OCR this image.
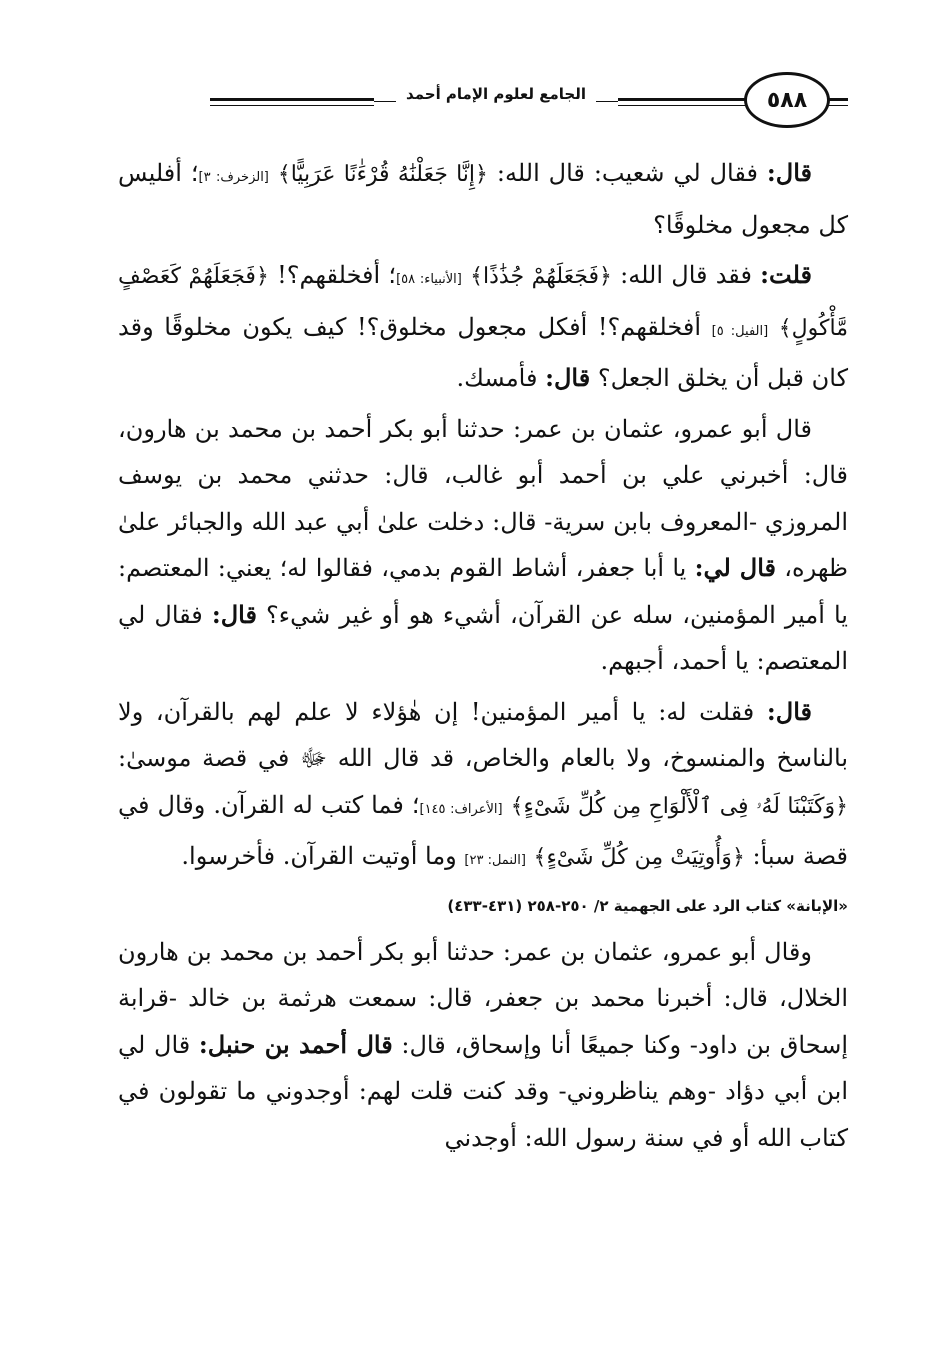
الجامع لعلوم الإمام أحمد	٥٨٨

قال: فقال لي شعيب: قال الله: ﴿إِنَّا جَعَلْنَٰهُ قُرْءَٰنًا عَرَبِيًّا﴾ [الزخرف: ٣]؛ أفليس كل مجعول مخلوقًا؟

قلت: فقد قال الله: ﴿فَجَعَلَهُمْ جُذَٰذًا﴾ [الأنبياء: ٥٨]؛ أفخلقهم؟! ﴿فَجَعَلَهُمْ كَعَصْفٍ مَّأْكُولٍ﴾ [الفيل: ٥] أفخلقهم؟! أفكل مجعول مخلوق؟! كيف يكون مخلوقًا وقد كان قبل أن يخلق الجعل؟ قال: فأمسك.

قال أبو عمرو، عثمان بن عمر: حدثنا أبو بكر أحمد بن محمد بن هارون، قال: أخبرني علي بن أحمد أبو غالب، قال: حدثني محمد بن يوسف المروزي -المعروف بابن سرية- قال: دخلت علىٰ أبي عبد الله والجبائر علىٰ ظهره، قال لي: يا أبا جعفر، أشاط القوم بدمي، فقالوا له؛ يعني: المعتصم: يا أمير المؤمنين، سله عن القرآن، أشيء هو أو غير شيء؟ قال: فقال لي المعتصم: يا أحمد، أجبهم.

قال: فقلت له: يا أمير المؤمنين! إن هٰؤلاء لا علم لهم بالقرآن، ولا بالناسخ والمنسوخ، ولا بالعام والخاص، قد قال الله ﷻ في قصة موسىٰ: ﴿وَكَتَبْنَا لَهُۥ فِى ٱلْأَلْوَاحِ مِن كُلِّ شَىْءٍ﴾ [الأعراف: ١٤٥]؛ فما كتب له القرآن. وقال في قصة سبأ: ﴿وَأُوتِيَتْ مِن كُلِّ شَىْءٍ﴾ [النمل: ٢٣] وما أوتيت القرآن. فأخرسوا.

«الإبانة» كتاب الرد على الجهمية ٢/ ٢٥٠-٢٥٨ (٤٣١-٤٣٣)

وقال أبو عمرو، عثمان بن عمر: حدثنا أبو بكر أحمد بن محمد بن هارون الخلال، قال: أخبرنا محمد بن جعفر، قال: سمعت هرثمة بن خالد -قرابة إسحاق بن داود- وكنا جميعًا أنا وإسحاق، قال: قال أحمد بن حنبل: قال لي ابن أبي دؤاد -وهم يناظروني- وقد كنت قلت لهم: أوجدوني ما تقولون في كتاب الله أو في سنة رسول الله: أوجدني
